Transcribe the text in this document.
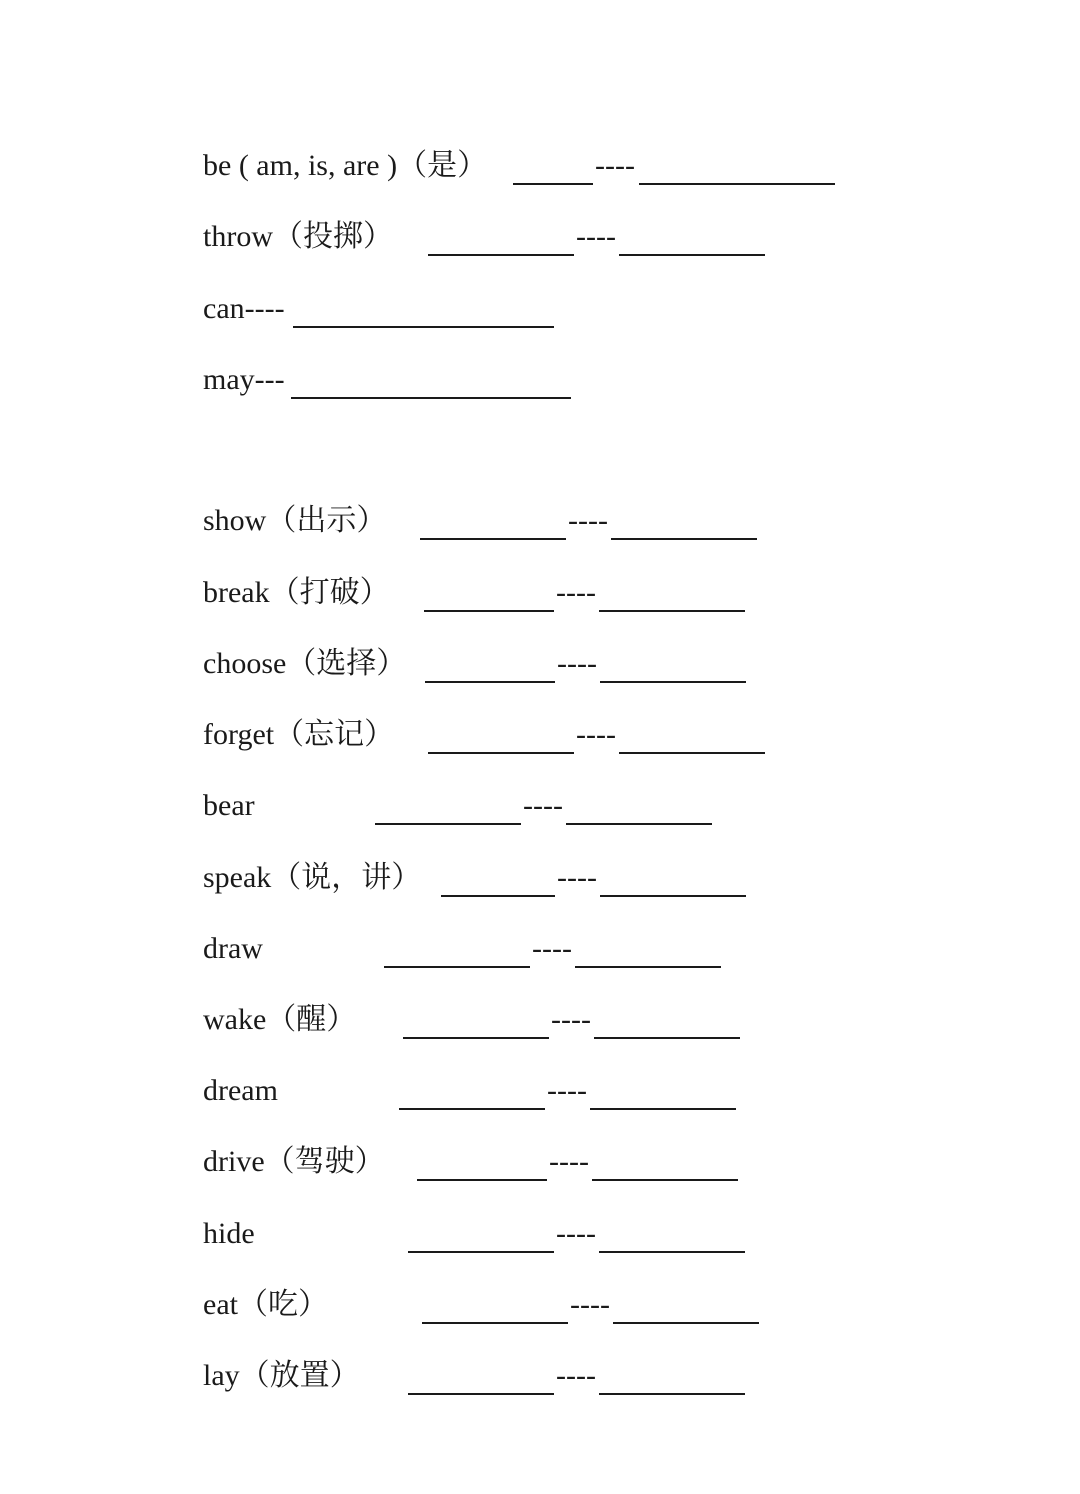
be ( am, is, are )（是）	----
throw（投掷）	----
can----
may---
show（出示）	----
break（打破）	----
choose（选择）	----
forget（忘记）	----
bear	----
speak（说，讲）	----
draw	----
wake（醒）	----
dream	----
drive（驾驶）	----
hide	----
eat（吃）	----
lay（放置）	----
